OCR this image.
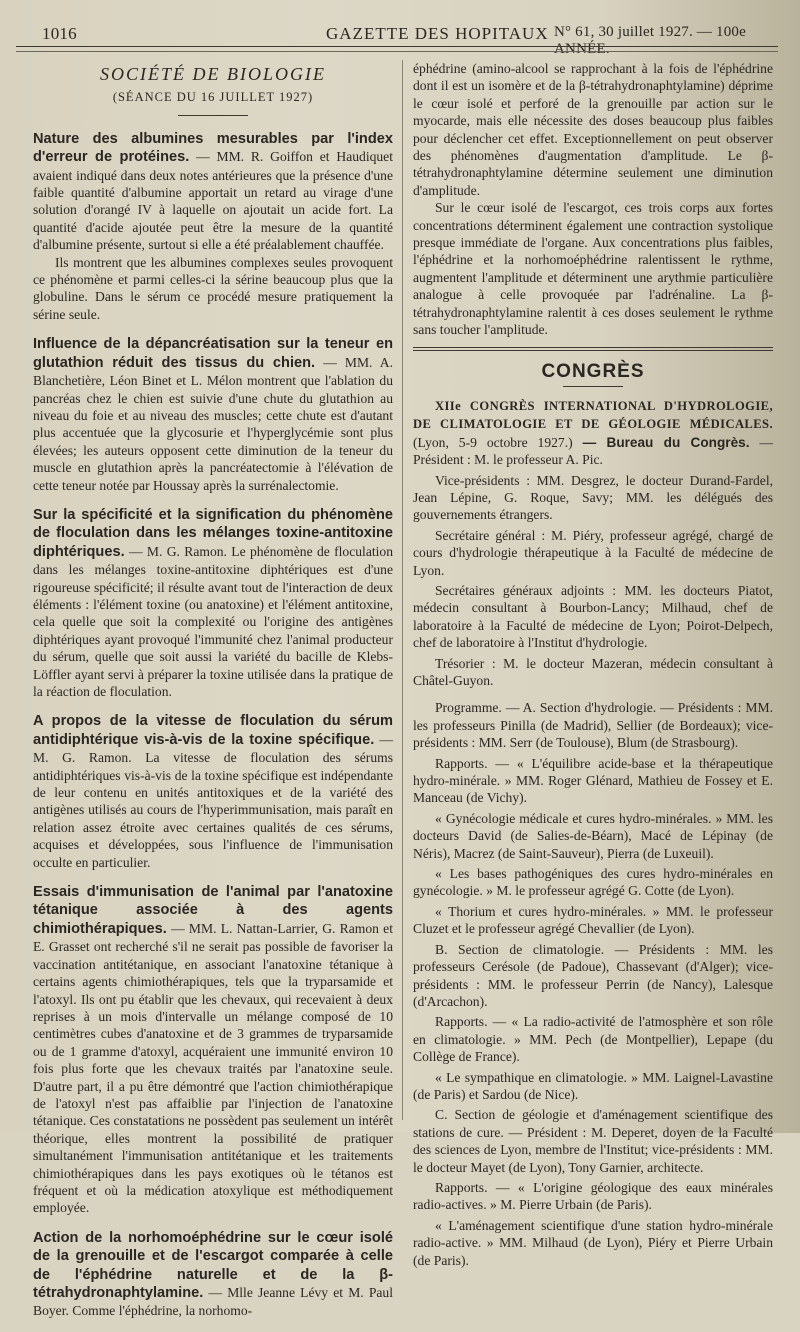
1016	GAZETTE DES HOPITAUX N° 61, 30 juillet 1927. — 100e ANNÉE.
SOCIÉTÉ DE BIOLOGIE
(SÉANCE DU 16 JUILLET 1927)

Nature des albumines mesurables par l'index d'erreur de protéines. — MM. R. Goiffon et Haudiquet avaient indiqué dans deux notes antérieures que la présence d'une faible quantité d'albumine apportait un retard au virage d'une solution d'orangé IV à laquelle on ajoutait un acide fort. La quantité d'acide ajoutée peut être la mesure de la quantité d'albumine présente, surtout si elle a été préalablement chauffée.

Ils montrent que les albumines complexes seules provoquent ce phénomène et parmi celles-ci la sérine beaucoup plus que la globuline. Dans le sérum ce procédé mesure pratiquement la sérine seule.

Influence de la dépancréatisation sur la teneur en glutathion réduit des tissus du chien. — MM. A. Blanchetière, Léon Binet et L. Mélon montrent que l'ablation du pancréas chez le chien est suivie d'une chute du glutathion au niveau du foie et au niveau des muscles; cette chute est d'autant plus accentuée que la glycosurie et l'hyperglycémie sont plus élevées; les auteurs opposent cette diminution de la teneur du muscle en glutathion après la pancréatectomie à l'élévation de cette teneur notée par Houssay après la surrénalectomie.

Sur la spécificité et la signification du phénomène de floculation dans les mélanges toxine-antitoxine diphtériques. — M. G. Ramon. Le phénomène de floculation dans les mélanges toxine-antitoxine diphtériques est d'une rigoureuse spécificité; il résulte avant tout de l'interaction de deux éléments : l'élément toxine (ou anatoxine) et l'élément antitoxine, cela quelle que soit la complexité ou l'origine des antigènes diphtériques ayant provoqué l'immunité chez l'animal producteur du sérum, quelle que soit aussi la variété du bacille de Klebs-Löffler ayant servi à préparer la toxine utilisée dans la pratique de la réaction de floculation.

A propos de la vitesse de floculation du sérum antidiphtérique vis-à-vis de la toxine spécifique. — M. G. Ramon. La vitesse de floculation des sérums antidiphtériques vis-à-vis de la toxine spécifique est indépendante de leur contenu en unités antitoxiques et de la variété des antigènes utilisés au cours de l'hyperimmunisation, mais paraît en relation assez étroite avec certaines qualités de ces sérums, acquises et développées, sous l'influence de l'immunisation occulte en particulier.

Essais d'immunisation de l'animal par l'anatoxine tétanique associée à des agents chimiothérapiques. — MM. L. Nattan-Larrier, G. Ramon et E. Grasset ont recherché s'il ne serait pas possible de favoriser la vaccination antitétanique, en associant l'anatoxine tétanique à certains agents chimiothérapiques, tels que la tryparsamide et l'atoxyl. Ils ont pu établir que les chevaux, qui recevaient à deux reprises à un mois d'intervalle un mélange composé de 10 centimètres cubes d'anatoxine et de 3 grammes de tryparsamide ou de 1 gramme d'atoxyl, acquéraient une immunité environ 10 fois plus forte que les chevaux traités par l'anatoxine seule. D'autre part, il a pu être démontré que l'action chimiothérapique de l'atoxyl n'est pas affaiblie par l'injection de l'anatoxine tétanique. Ces constatations ne possèdent pas seulement un intérêt théorique, elles montrent la possibilité de pratiquer simultanément l'immunisation antitétanique et les traitements chimiothérapiques dans les pays exotiques où le tétanos est fréquent et où la médication atoxylique est méthodiquement employée.

Action de la norhomoéphédrine sur le cœur isolé de la grenouille et de l'escargot comparée à celle de l'éphédrine naturelle et de la β-tétrahydronaphtylamine. — Mlle Jeanne Lévy et M. Paul Boyer. Comme l'éphédrine, la norhomo-

éphédrine (amino-alcool se rapprochant à la fois de l'éphédrine dont il est un isomère et de la β-tétrahydronaphtylamine) déprime le cœur isolé et perforé de la grenouille par action sur le myocarde, mais elle nécessite des doses beaucoup plus faibles pour déclencher cet effet. Exceptionnellement on peut observer des phénomènes d'augmentation d'amplitude. Le β-tétrahydronaphtylamine détermine seulement une diminution d'amplitude.

Sur le cœur isolé de l'escargot, ces trois corps aux fortes concentrations déterminent également une contraction systolique presque immédiate de l'organe. Aux concentrations plus faibles, l'éphédrine et la norhomoéphédrine ralentissent le rythme, augmentent l'amplitude et déterminent une arythmie particulière analogue à celle provoquée par l'adrénaline. La β-tétrahydronaphtylamine ralentit à ces doses seulement le rythme sans toucher l'amplitude.

CONGRÈS

XIIe CONGRÈS INTERNATIONAL D'HYDROLOGIE, DE CLIMATOLOGIE ET DE GÉOLOGIE MÉDICALES. (Lyon, 5-9 octobre 1927.) — Bureau du Congrès. — Président : M. le professeur A. Pic.

Vice-présidents : MM. Desgrez, le docteur Durand-Fardel, Jean Lépine, G. Roque, Savy; MM. les délégués des gouvernements étrangers.

Secrétaire général : M. Piéry, professeur agrégé, chargé de cours d'hydrologie thérapeutique à la Faculté de médecine de Lyon.

Secrétaires généraux adjoints : MM. les docteurs Piatot, médecin consultant à Bourbon-Lancy; Milhaud, chef de laboratoire à la Faculté de médecine de Lyon; Poirot-Delpech, chef de laboratoire à l'Institut d'hydrologie.

Trésorier : M. le docteur Mazeran, médecin consultant à Châtel-Guyon.

Programme. — A. Section d'hydrologie. — Présidents : MM. les professeurs Pinilla (de Madrid), Sellier (de Bordeaux); vice-présidents : MM. Serr (de Toulouse), Blum (de Strasbourg).

Rapports. — « L'équilibre acide-base et la thérapeutique hydro-minérale. » MM. Roger Glénard, Mathieu de Fossey et E. Manceau (de Vichy).

« Gynécologie médicale et cures hydro-minérales. » MM. les docteurs David (de Salies-de-Béarn), Macé de Lépinay (de Néris), Macrez (de Saint-Sauveur), Pierra (de Luxeuil).

« Les bases pathogéniques des cures hydro-minérales en gynécologie. » M. le professeur agrégé G. Cotte (de Lyon).

« Thorium et cures hydro-minérales. » MM. le professeur Cluzet et le professeur agrégé Chevallier (de Lyon).

B. Section de climatologie. — Présidents : MM. les professeurs Cerésole (de Padoue), Chassevant (d'Alger); vice-présidents : MM. le professeur Perrin (de Nancy), Lalesque (d'Arcachon).

Rapports. — « La radio-activité de l'atmosphère et son rôle en climatologie. » MM. Pech (de Montpellier), Lepape (du Collège de France).

« Le sympathique en climatologie. » MM. Laignel-Lavastine (de Paris) et Sardou (de Nice).

C. Section de géologie et d'aménagement scientifique des stations de cure. — Président : M. Deperet, doyen de la Faculté des sciences de Lyon, membre de l'Institut; vice-présidents : MM. le docteur Mayet (de Lyon), Tony Garnier, architecte.

Rapports. — « L'origine géologique des eaux minérales radio-actives. » M. Pierre Urbain (de Paris).

« L'aménagement scientifique d'une station hydro-minérale radio-active. » MM. Milhaud (de Lyon), Piéry et Pierre Urbain (de Paris).
